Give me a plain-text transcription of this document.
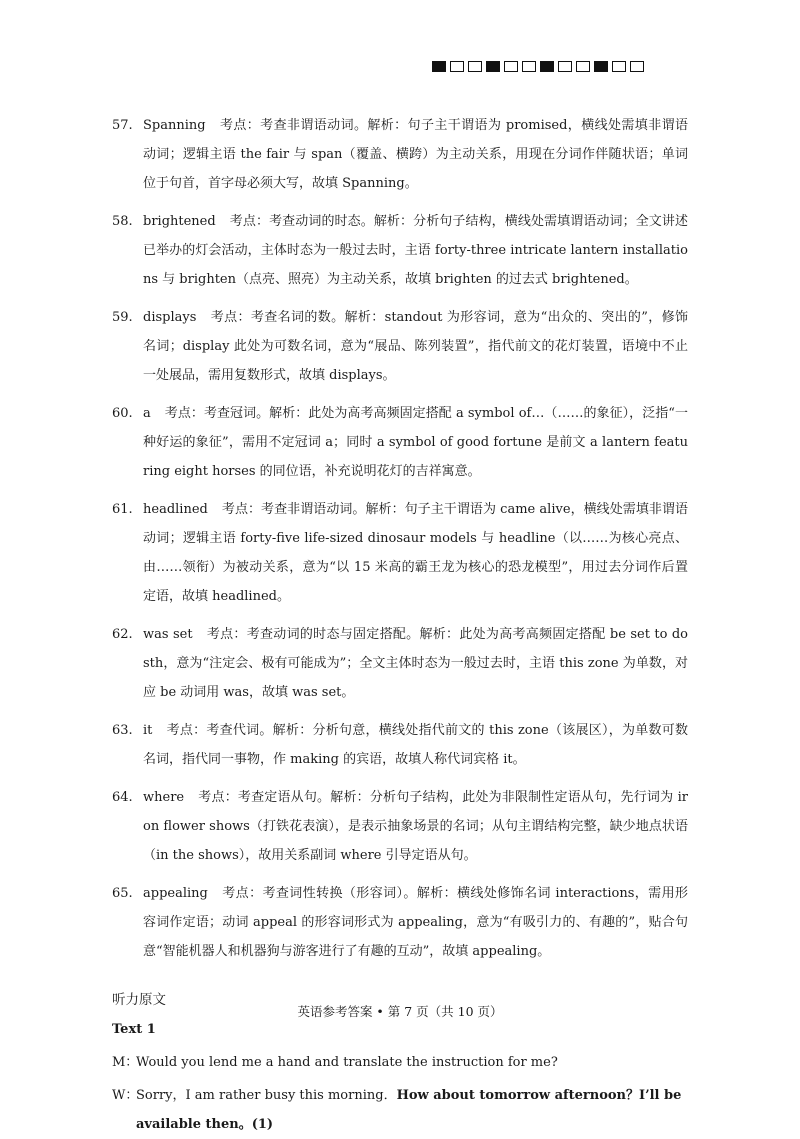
57. Spanning 考点：考查非谓语动词。解析：句子主干谓语为 promised，横线处需填非谓语动词；逻辑主语 the fair 与 span（覆盖、横跨）为主动关系，用现在分词作伴随状语；单词位于句首，首字母必须大写，故填 Spanning。
58. brightened 考点：考查动词的时态。解析：分析句子结构，横线处需填谓语动词；全文讲述已举办的灯会活动，主体时态为一般过去时，主语 forty-three intricate lantern installations 与 brighten（点亮、照亮）为主动关系，故填 brighten 的过去式 brightened。
59. displays 考点：考查名词的数。解析：standout 为形容词，意为“出众的、突出的”，修饰名词；display 此处为可数名词，意为“展品、陈列装置”，指代前文的花灯装置，语境中不止一处展品，需用复数形式，故填 displays。
60. a 考点：考查冠词。解析：此处为高考高频固定搭配 a symbol of…（……的象征），泛指“一种好运的象征”，需用不定冠词 a；同时 a symbol of good fortune 是前文 a lantern featuring eight horses 的同位语，补充说明花灯的吉祥寓意。
61. headlined 考点：考查非谓语动词。解析：句子主干谓语为 came alive，横线处需填非谓语动词；逻辑主语 forty-five life-sized dinosaur models 与 headline（以……为核心亮点、由……领衔）为被动关系，意为“以 15 米高的霸王龙为核心的恐龙模型”，用过去分词作后置定语，故填 headlined。
62. was set 考点：考查动词的时态与固定搭配。解析：此处为高考高频固定搭配 be set to do sth，意为“注定会、极有可能成为”；全文主体时态为一般过去时，主语 this zone 为单数，对应 be 动词用 was，故填 was set。
63. it 考点：考查代词。解析：分析句意，横线处指代前文的 this zone（该展区），为单数可数名词，指代同一事物，作 making 的宾语，故填人称代词宾格 it。
64. where 考点：考查定语从句。解析：分析句子结构，此处为非限制性定语从句，先行词为 iron flower shows（打铁花表演），是表示抽象场景的名词；从句主谓结构完整，缺少地点状语（in the shows），故用关系副词 where 引导定语从句。
65. appealing 考点：考查词性转换（形容词）。解析：横线处修饰名词 interactions，需用形容词作定语；动词 appeal 的形容词形式为 appealing，意为“有吸引力的、有趣的”，贴合句意“智能机器人和机器狗与游客进行了有趣的互动”，故填 appealing。
听力原文
Text 1
M：
Would you lend me a hand and translate the instruction for me?
W：
Sorry，I am rather busy this morning．How about tomorrow afternoon？I’ll be available then。(1)
英语参考答案 • 第 7 页（共 10 页）
